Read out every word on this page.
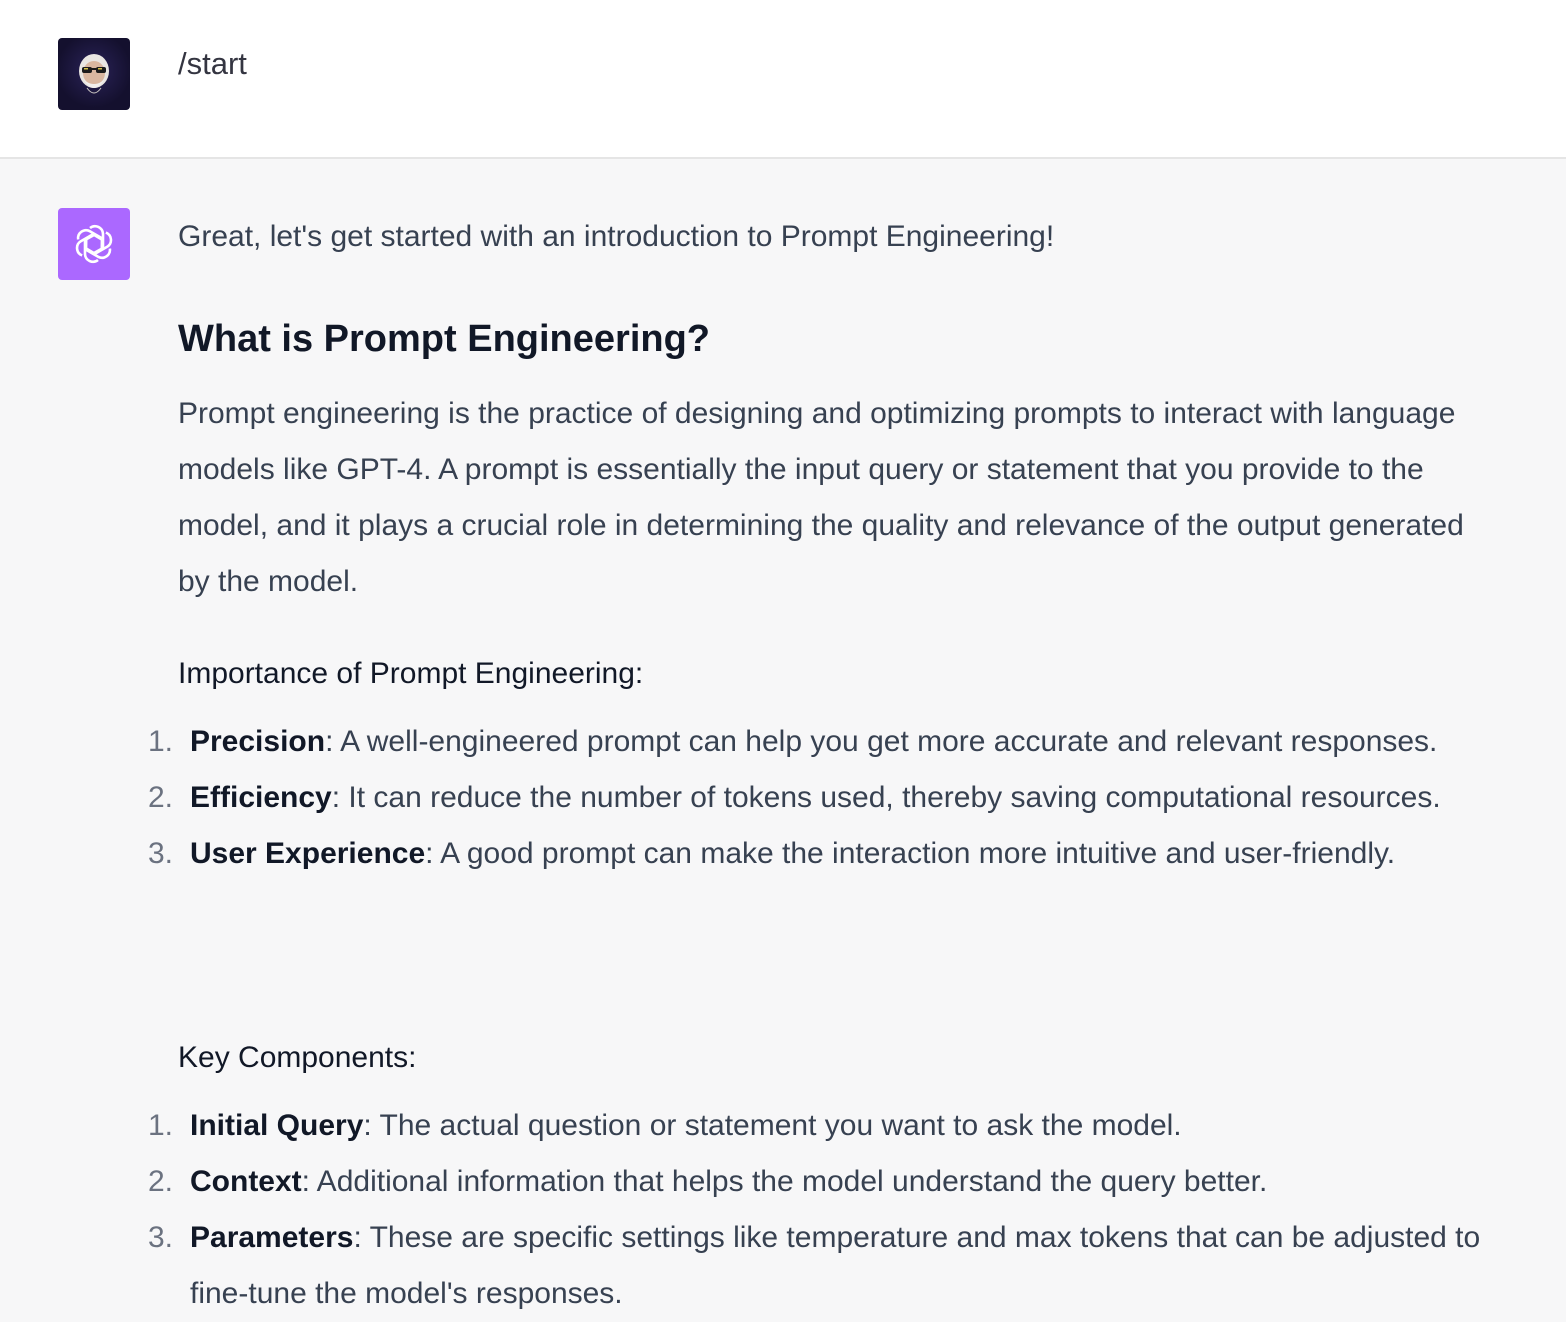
/start
Great, let's get started with an introduction to Prompt Engineering!
What is Prompt Engineering?
Prompt engineering is the practice of designing and optimizing prompts to interact with language models like GPT-4. A prompt is essentially the input query or statement that you provide to the model, and it plays a crucial role in determining the quality and relevance of the output generated by the model.
Importance of Prompt Engineering:
1. Precision: A well-engineered prompt can help you get more accurate and relevant responses.
2. Efficiency: It can reduce the number of tokens used, thereby saving computational resources.
3. User Experience: A good prompt can make the interaction more intuitive and user-friendly.
Key Components:
1. Initial Query: The actual question or statement you want to ask the model.
2. Context: Additional information that helps the model understand the query better.
3. Parameters: These are specific settings like temperature and max tokens that can be adjusted to fine-tune the model's responses.
